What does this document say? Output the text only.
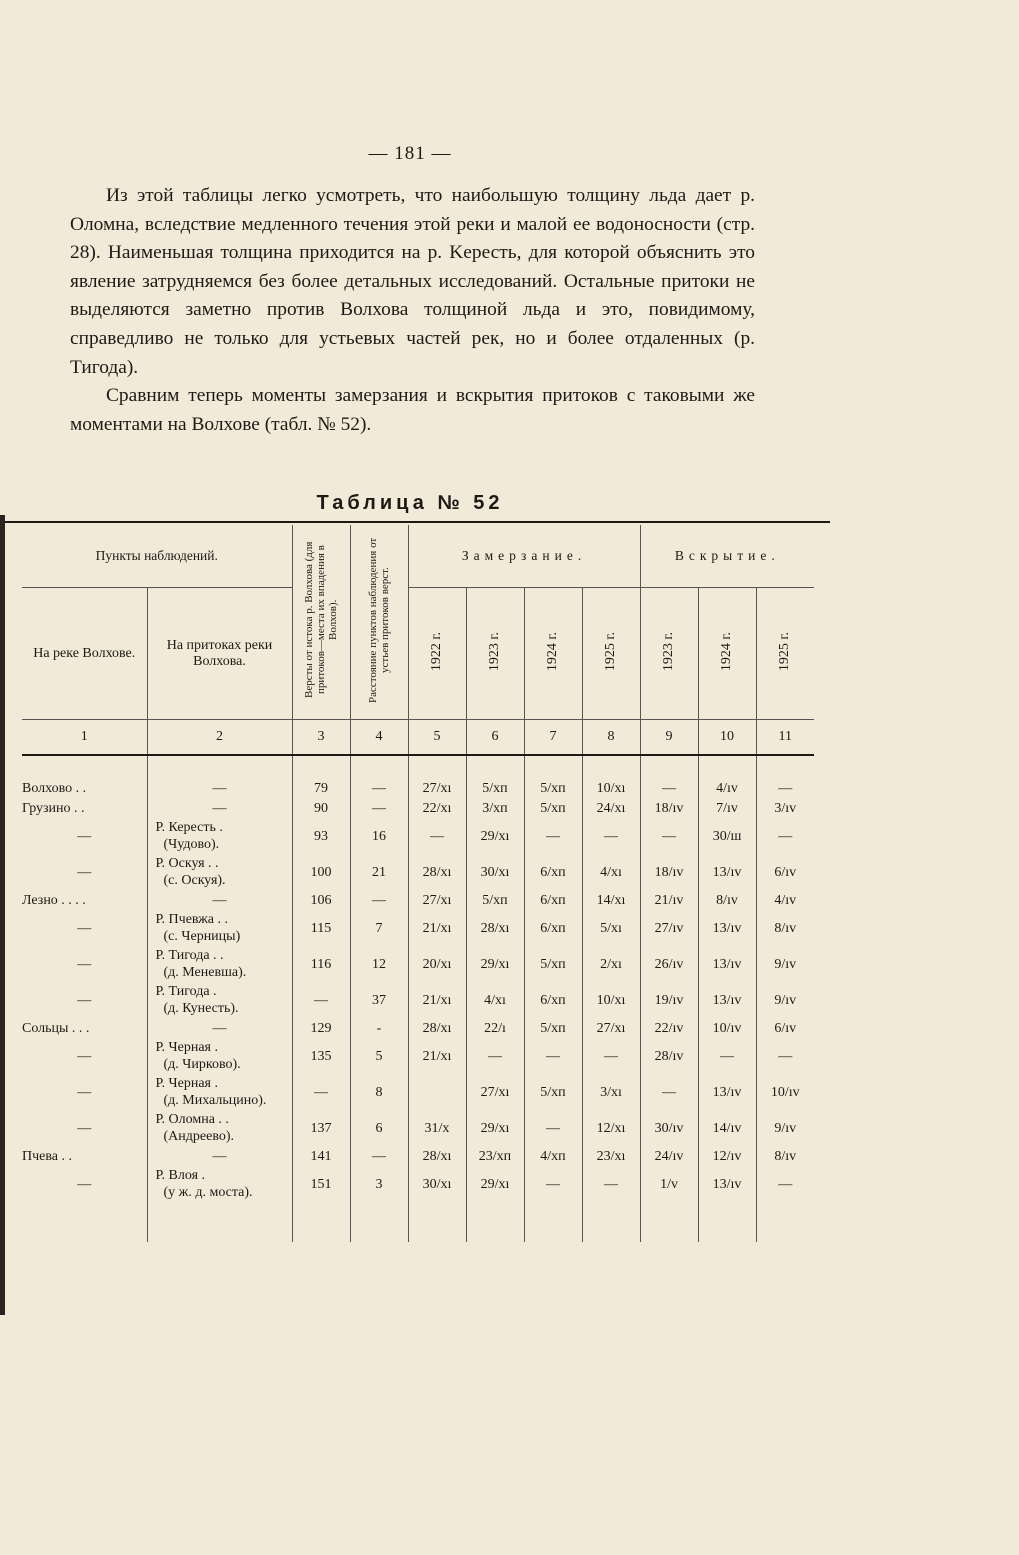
— 181 —

Из этой таблицы легко усмотреть, что наибольшую толщину льда дает р. Оломна, вследствие медленного течения этой реки и малой ее водоносности (стр. 28). Наименьшая толщина приходится на р. Keресть, для которой объяснить это явление затрудняемся без более детальных исследований. Остальные притоки не выделяются заметно против Волхова толщиной льда и это, повидимому, справедливо не только для устьевых частей рек, но и более отдаленных (р. Тигода).

Сравним теперь моменты замерзания и вскрытия притоков с таковыми же моментами на Волхове (табл. № 52).

Таблица № 52
Пункты наблюдений.		Версты от истока р. Волхова (для притоков—места их впадения в Волхов).	Расстояние пунктов наблюдения от устьев притоков верст.	Замерзание.				Вскрытие.		
На реке Волхове.	На притоках реки Волхова.			1922 г.	1923 г.	1924 г.	1925 г.	1923 г.	1924 г.	1925 г.
1	2	3	4	5	6	7	8	9	10	11

Волхово . .	—	79	—	27/xı	5/xп	5/xп	10/xı	—	4/ıv	—
Грузино . .	—	90	—	22/xı	3/xп	5/xп	24/xı	18/ıv	7/ıv	3/ıv
—	Р. Кересть .
(Чудово).	93	16	—	29/xı	—	—	—	30/ш	—
—	Р. Оскуя . .
(с. Оскуя).	100	21	28/xı	30/xı	6/xп	4/xı	18/ıv	13/ıv	6/ıv
Лезно . . . .	—	106	—	27/xı	5/xп	6/xп	14/xı	21/ıv	8/ıv	4/ıv
—	Р. Пчевжа . .
(с. Черницы)	115	7	21/xı	28/xı	6/xп	5/xı	27/ıv	13/ıv	8/ıv
—	Р. Тигода . .
(д. Меневша).	116	12	20/xı	29/xı	5/xп	2/xı	26/ıv	13/ıv	9/ıv
—	Р. Тигода .
(д. Кунесть).	—	37	21/xı	4/xı	6/xп	10/xı	19/ıv	13/ıv	9/ıv
Сольцы . . .	—	129	-	28/xı	22/ı	5/xп	27/xı	22/ıv	10/ıv	6/ıv
—	Р. Черная .
(д. Чирково).	135	5	21/xı	—	—	—	28/ıv	—	—
—	Р. Черная .
(д. Михальцино).	—	8		27/xı	5/xп	3/xı	—	13/ıv	10/ıv
—	Р. Оломна . .
(Андреево).	137	6	31/x	29/xı	—	12/xı	30/ıv	14/ıv	9/ıv
Пчева . .	—	141	—	28/xı	23/xп	4/xп	23/xı	24/ıv	12/ıv	8/ıv
—	Р. Влоя .
(у ж. д. моста).	151	3	30/xı	29/xı	—	—	1/v	13/ıv	—
